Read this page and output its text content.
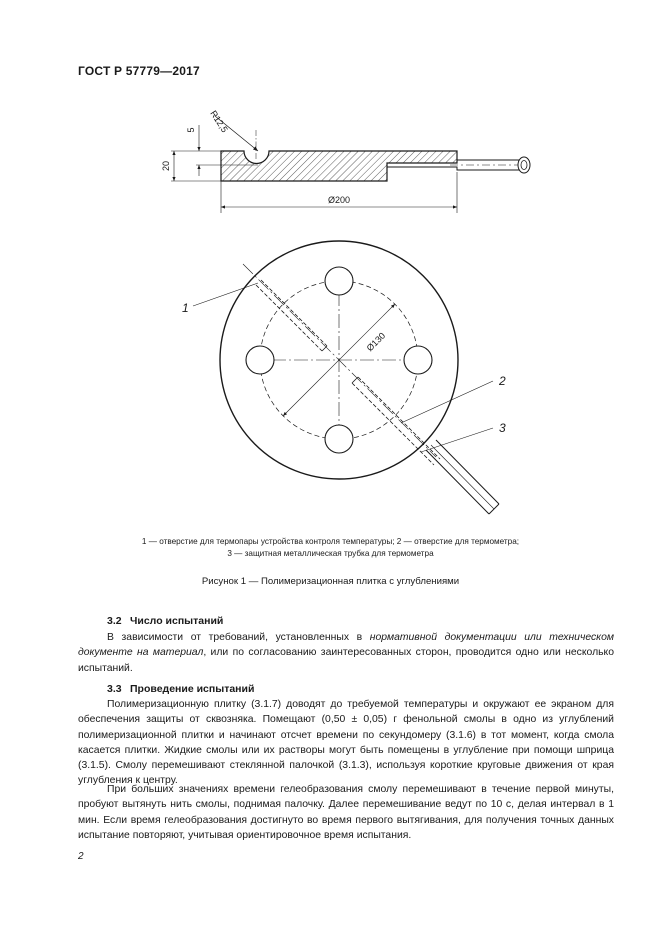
ГОСТ Р 57779—2017
R12,5
5
20
Ø200
Ø130
1
2
3
1 — отверстие для термопары устройства контроля температуры; 2 — отверстие для термометра;
3 — защитная металлическая трубка для термометра
Рисунок 1 — Полимеризационная плитка с углублениями
3.2 Число испытаний
В зависимости от требований, установленных в нормативной документации или техническом документе на материал, или по согласованию заинтересованных сторон, проводится одно или несколько испытаний.
3.3 Проведение испытаний
Полимеризационную плитку (3.1.7) доводят до требуемой температуры и окружают ее экраном для обеспечения защиты от сквозняка. Помещают (0,50 ± 0,05) г фенольной смолы в одно из углублений полимеризационной плитки и начинают отсчет времени по секундомеру (3.1.6) в тот момент, когда смола касается плитки. Жидкие смолы или их растворы могут быть помещены в углубление при помощи шприца (3.1.5). Смолу перемешивают стеклянной палочкой (3.1.3), используя короткие круговые движения от края углубления к центру.
При больших значениях времени гелеобразования смолу перемешивают в течение первой минуты, пробуют вытянуть нить смолы, поднимая палочку. Далее перемешивание ведут по 10 с, делая интервал в 1 мин. Если время гелеобразования достигнуто во время первого вытягивания, для получения точных данных испытание повторяют, учитывая ориентировочное время испытания.
2
